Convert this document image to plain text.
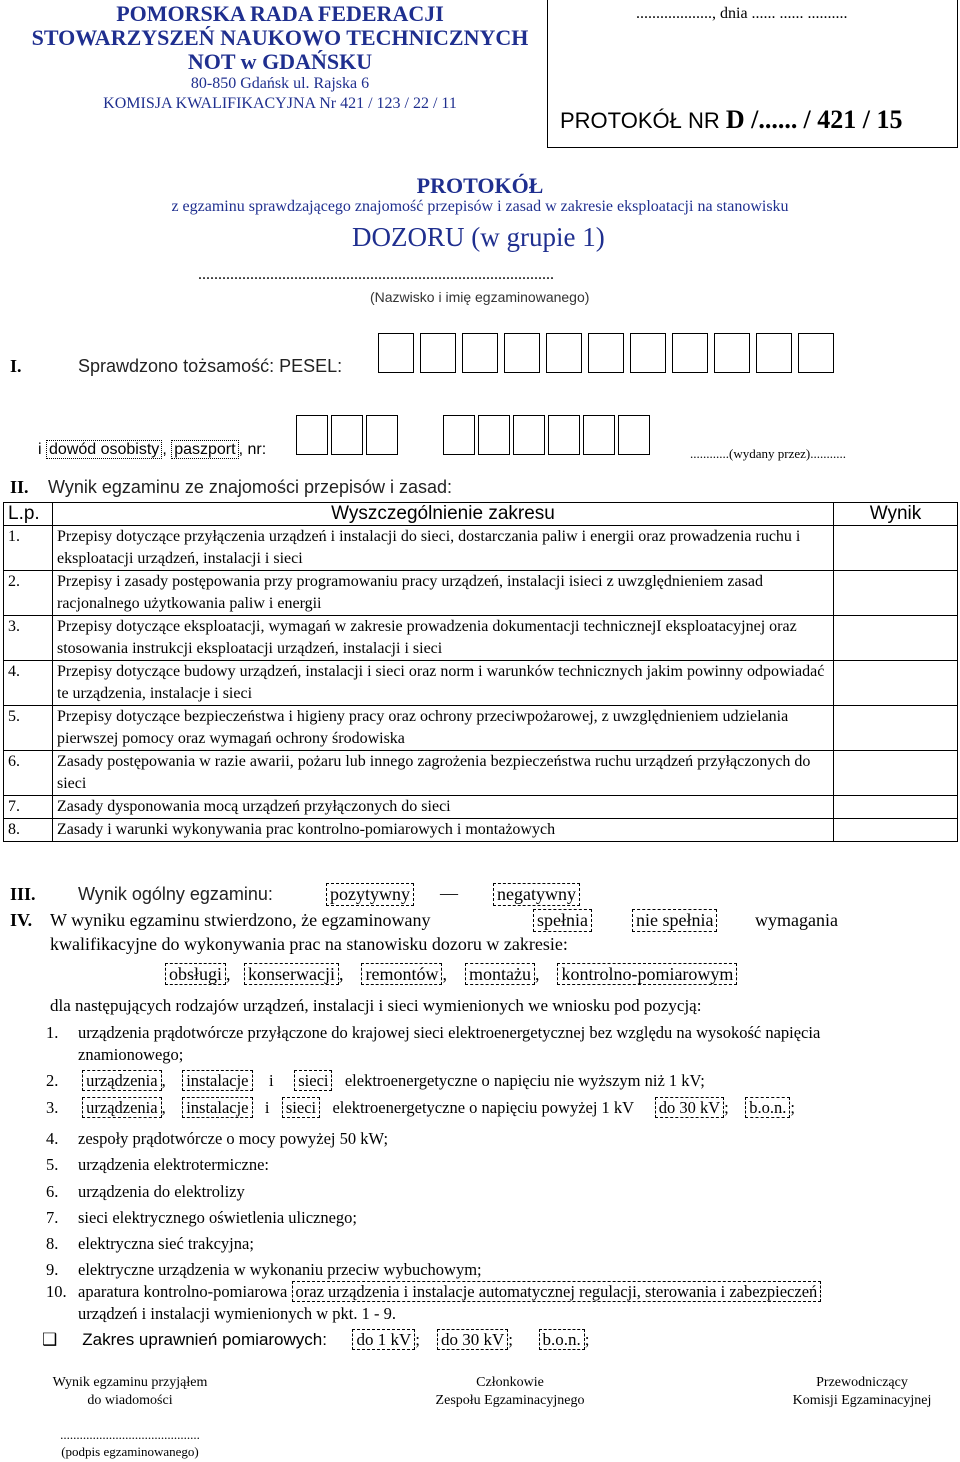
POMORSKA RADA FEDERACJI
STOWARZYSZEŃ NAUKOWO TECHNICZNYCH
NOT w GDAŃSKU
80-850 Gdańsk ul. Rajska 6
KOMISJA KWALIFIKACYJNA Nr 421 / 123 / 22 / 11
..................., dnia ...... ...... ..........
PROTOKÓŁ NR D /...... / 421 / 15
PROTOKÓŁ
z egzaminu sprawdzającego znajomość przepisów i zasad w zakresie eksploatacji na stanowisku
DOZORU (w grupie 1)
.........................................................................................
(Nazwisko i imię egzaminowanego)
I.	Sprawdzono tożsamość: PESEL:
i dowód osobisty , paszport , nr:	............(wydany przez)...........
II. Wynik egzaminu ze znajomości przepisów i zasad:
L.p.	Wyszczególnienie zakresu	Wynik
1.	Przepisy dotyczące przyłączenia urządzeń i instalacji do sieci, dostarczania paliw i energii oraz prowadzenia ruchu i eksploatacji urządzeń, instalacji i sieci	
2.	Przepisy i zasady postępowania przy programowaniu pracy urządzeń, instalacji isieci z uwzględnieniem zasad racjonalnego użytkowania paliw i energii	
3.	Przepisy dotyczące eksploatacji, wymagań w zakresie prowadzenia dokumentacji technicznejI eksploatacyjnej oraz stosowania instrukcji eksploatacji urządzeń, instalacji i sieci	
4.	Przepisy dotyczące budowy urządzeń, instalacji i sieci oraz norm i warunków technicznych jakim powinny odpowiadać te urządzenia, instalacje i sieci	
5.	Przepisy dotyczące bezpieczeństwa i higieny pracy oraz ochrony przeciwpożarowej, z uwzględnieniem udzielania pierwszej pomocy oraz wymagań ochrony środowiska	
6.	Zasady postępowania w razie awarii, pożaru lub innego zagrożenia bezpieczeństwa ruchu urządzeń przyłączonych do sieci	
7.	Zasady dysponowania mocą urządzeń przyłączonych do sieci	
8.	Zasady i warunki wykonywania prac kontrolno-pomiarowych i montażowych	
III. Wynik ogólny egzaminu:	pozytywny — negatywny
IV. W wyniku egzaminu stwierdzono, że egzaminowany	spełnia	nie spełnia wymagania
kwalifikacyjne do wykonywania prac na stanowisku dozoru w zakresie:
obsługi ,   konserwacji ,    remontów ,    montażu ,    kontrolno-pomiarowym
dla następujących rodzajów urządzeń, instalacji i sieci wymienionych we wniosku pod pozycją:
1. urządzenia prądotwórcze przyłączone do krajowej sieci elektroenergetycznej bez względu na wysokość napięcia
znamionowego;
2. urządzenia ,    instalacje i sieci elektroenergetyczne o napięciu nie wyższym niż 1 kV;
3. urządzenia ,    instalacje i sieci elektroenergetyczne o napięciu powyżej 1 kV do 30 kV ;    b.o.n. ;
4. zespoły prądotwórcze o mocy powyżej 50 kW;
5. urządzenia elektrotermiczne:
6. urządzenia do elektrolizy
7. sieci elektrycznego oświetlenia ulicznego;
8. elektryczna sieć trakcyjna;
9. elektryczne urządzenia w wykonaniu przeciw wybuchowym;
10. aparatura kontrolno-pomiarowa oraz urządzenia i instalacje automatycznej regulacji, sterowania i zabezpieczeń
urządzeń i instalacji wymienionych w pkt. 1 - 9.
❑ Zakres uprawnień pomiarowych: do 1 kV ;    do 30 kV ;      b.o.n. ;
Wynik egzaminu przyjąłem
do wiadomości
Członkowie
Zespołu Egzaminacyjnego
Przewodniczący
Komisji Egzaminacyjnej
...........................................
(podpis egzaminowanego)
